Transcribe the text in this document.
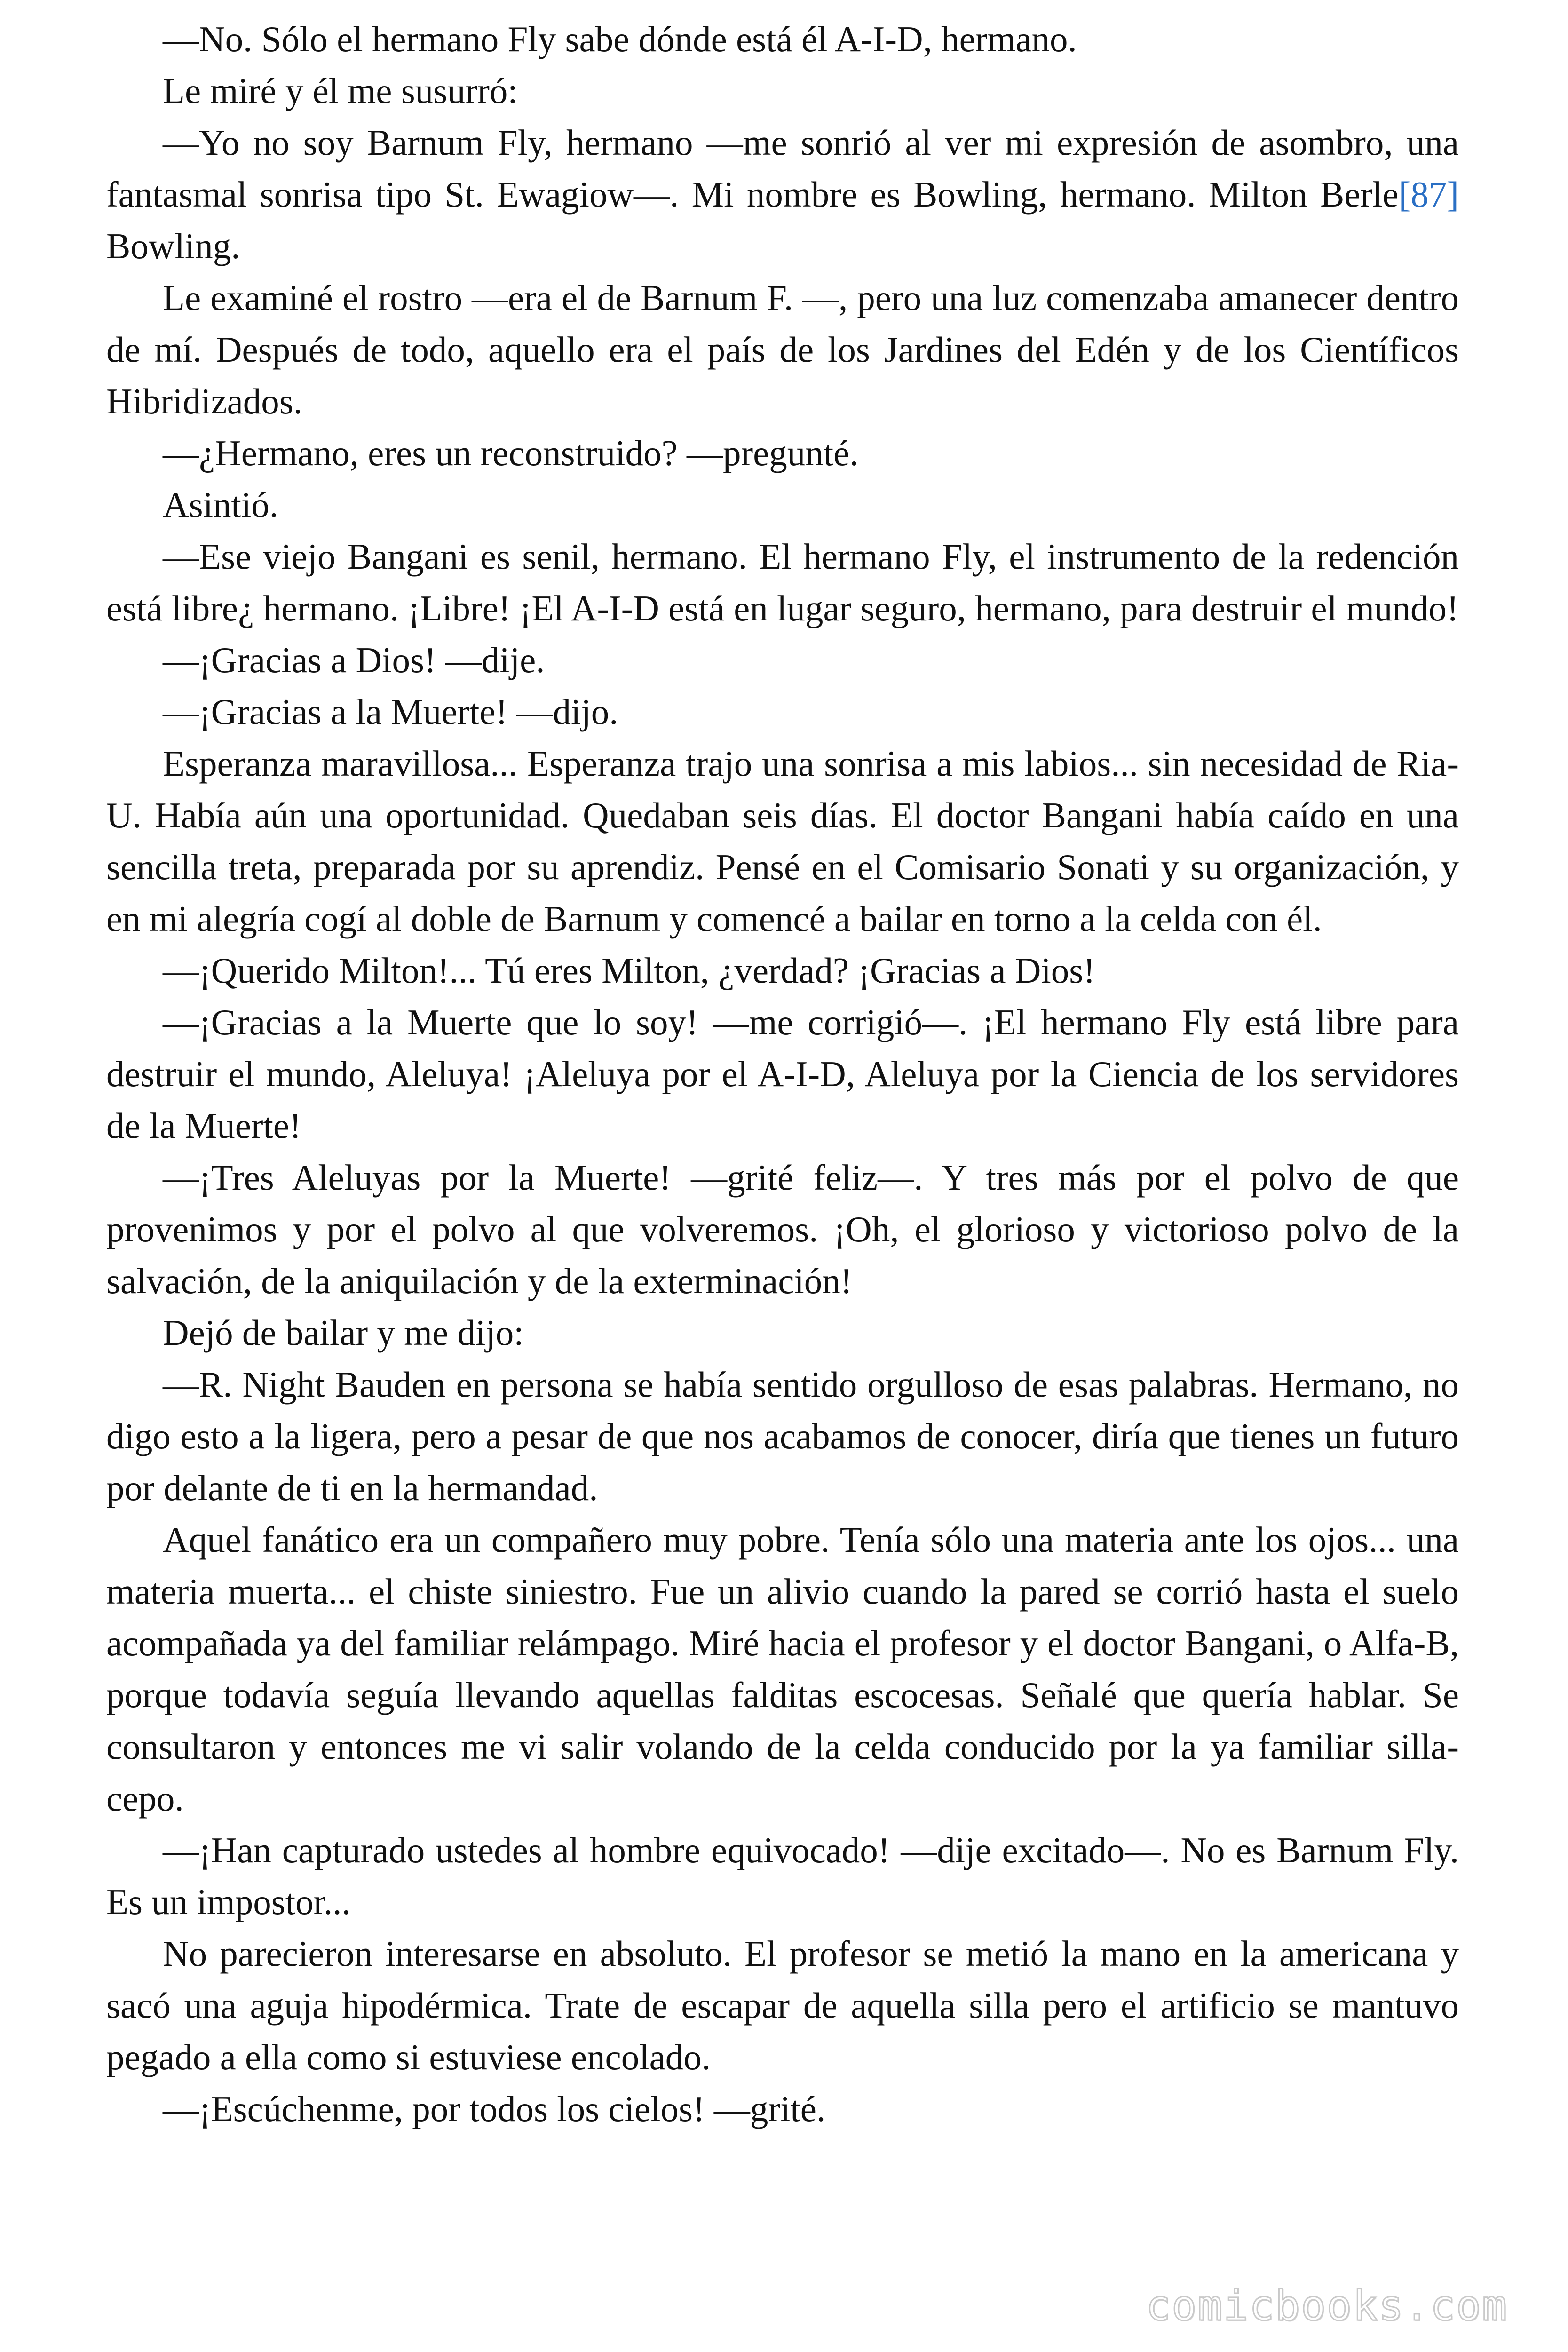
—No. Sólo el hermano Fly sabe dónde está él A-I-D, hermano.

Le miré y él me susurró:

—Yo no soy Barnum Fly, hermano —me sonrió al ver mi expresión de asombro, una fantasmal sonrisa tipo St. Ewagiow—. Mi nombre es Bowling, hermano. Milton Berle[87] Bowling.

Le examiné el rostro —era el de Barnum F. —, pero una luz comenzaba amanecer dentro de mí. Después de todo, aquello era el país de los Jardines del Edén y de los Científicos Hibridizados.

—¿Hermano, eres un reconstruido? —pregunté.

Asintió.

—Ese viejo Bangani es senil, hermano. El hermano Fly, el instrumento de la redención está libre¿ hermano. ¡Libre! ¡El A-I-D está en lugar seguro, hermano, para destruir el mundo!

—¡Gracias a Dios! —dije.

—¡Gracias a la Muerte! —dijo.

Esperanza maravillosa... Esperanza trajo una sonrisa a mis labios... sin necesidad de Ria-U. Había aún una oportunidad. Quedaban seis días. El doctor Bangani había caído en una sencilla treta, preparada por su aprendiz. Pensé en el Comisario Sonati y su organización, y en mi alegría cogí al doble de Barnum y comencé a bailar en torno a la celda con él.

—¡Querido Milton!... Tú eres Milton, ¿verdad? ¡Gracias a Dios!

—¡Gracias a la Muerte que lo soy! —me corrigió—. ¡El hermano Fly está libre para destruir el mundo, Aleluya! ¡Aleluya por el A-I-D, Aleluya por la Ciencia de los servidores de la Muerte!

—¡Tres Aleluyas por la Muerte! —grité feliz—. Y tres más por el polvo de que provenimos y por el polvo al que volveremos. ¡Oh, el glorioso y victorioso polvo de la salvación, de la aniquilación y de la exterminación!

Dejó de bailar y me dijo:

—R. Night Bauden en persona se había sentido orgulloso de esas palabras. Hermano, no digo esto a la ligera, pero a pesar de que nos acabamos de conocer, diría que tienes un futuro por delante de ti en la hermandad.

Aquel fanático era un compañero muy pobre. Tenía sólo una materia ante los ojos... una materia muerta... el chiste siniestro. Fue un alivio cuando la pared se corrió hasta el suelo acompañada ya del familiar relámpago. Miré hacia el profesor y el doctor Bangani, o Alfa-B, porque todavía seguía llevando aquellas falditas escocesas. Señalé que quería hablar. Se consultaron y entonces me vi salir volando de la celda conducido por la ya familiar silla-cepo.

—¡Han capturado ustedes al hombre equivocado! —dije excitado—. No es Barnum Fly. Es un impostor...

No parecieron interesarse en absoluto. El profesor se metió la mano en la americana y sacó una aguja hipodérmica. Trate de escapar de aquella silla pero el artificio se mantuvo pegado a ella como si estuviese encolado.

—¡Escúchenme, por todos los cielos! —grité.

comicbooks.com
